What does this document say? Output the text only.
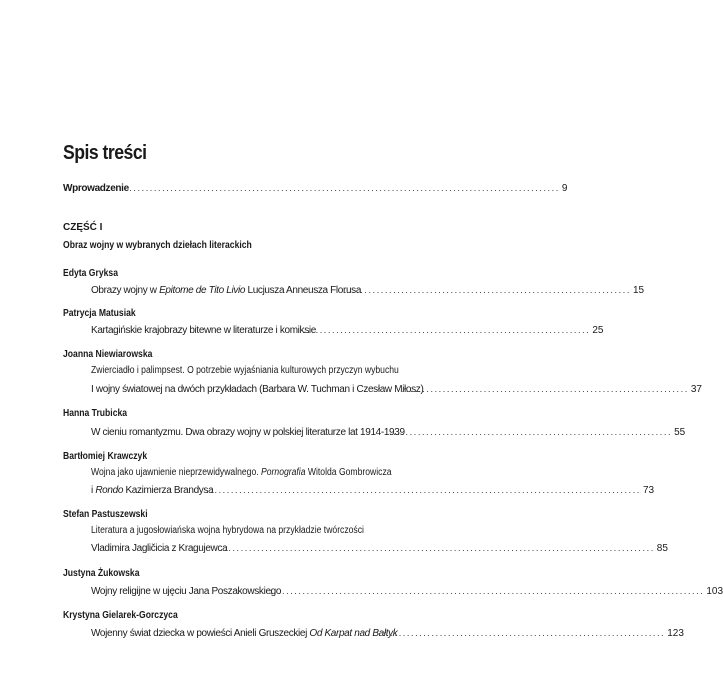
Spis treści
Wprowadzenie
.......................................................................................................... 9
CZĘŚĆ I
Obraz wojny w wybranych dziełach literackich
Edyta Gryksa
Obrazy wojny w Epitome de Tito Livio Lucjusza Anneusza Florusa
...................................................................... 15
Patrycja Matusiak
Kartagińskie krajobrazy bitewne w literaturze i komiksie
...................................................................... 25
Joanna Niewiarowska
Zwierciadło i palimpsest. O potrzebie wyjaśniania kulturowych przyczyn wybuchu
I wojny światowej na dwóch przykładach (Barbara W. Tuchman i Czesław Miłosz)
...................................................................... 37
Hanna Trubicka
W cieniu romantyzmu. Dwa obrazy wojny w polskiej literaturze lat 1914-1939
...................................................................... 55
Bartłomiej Krawczyk
Wojna jako ujawnienie nieprzewidywalnego. Pornografia Witolda Gombrowicza
i Rondo Kazimierza Brandysa
.......................................................................................................... 73
Stefan Pastuszewski
Literatura a jugosłowiańska wojna hybrydowa na przykładzie twórczości
Vladimira Jagličicia z Kragujewca
.......................................................................................................... 85
Justyna Żukowska
Wojny religijne w ujęciu Jana Poszakowskiego
.......................................................................................................... 103
Krystyna Gielarek-Gorczyca
Wojenny świat dziecka w powieści Anieli Gruszeckiej Od Karpat nad Bałtyk
...................................................................... 123
